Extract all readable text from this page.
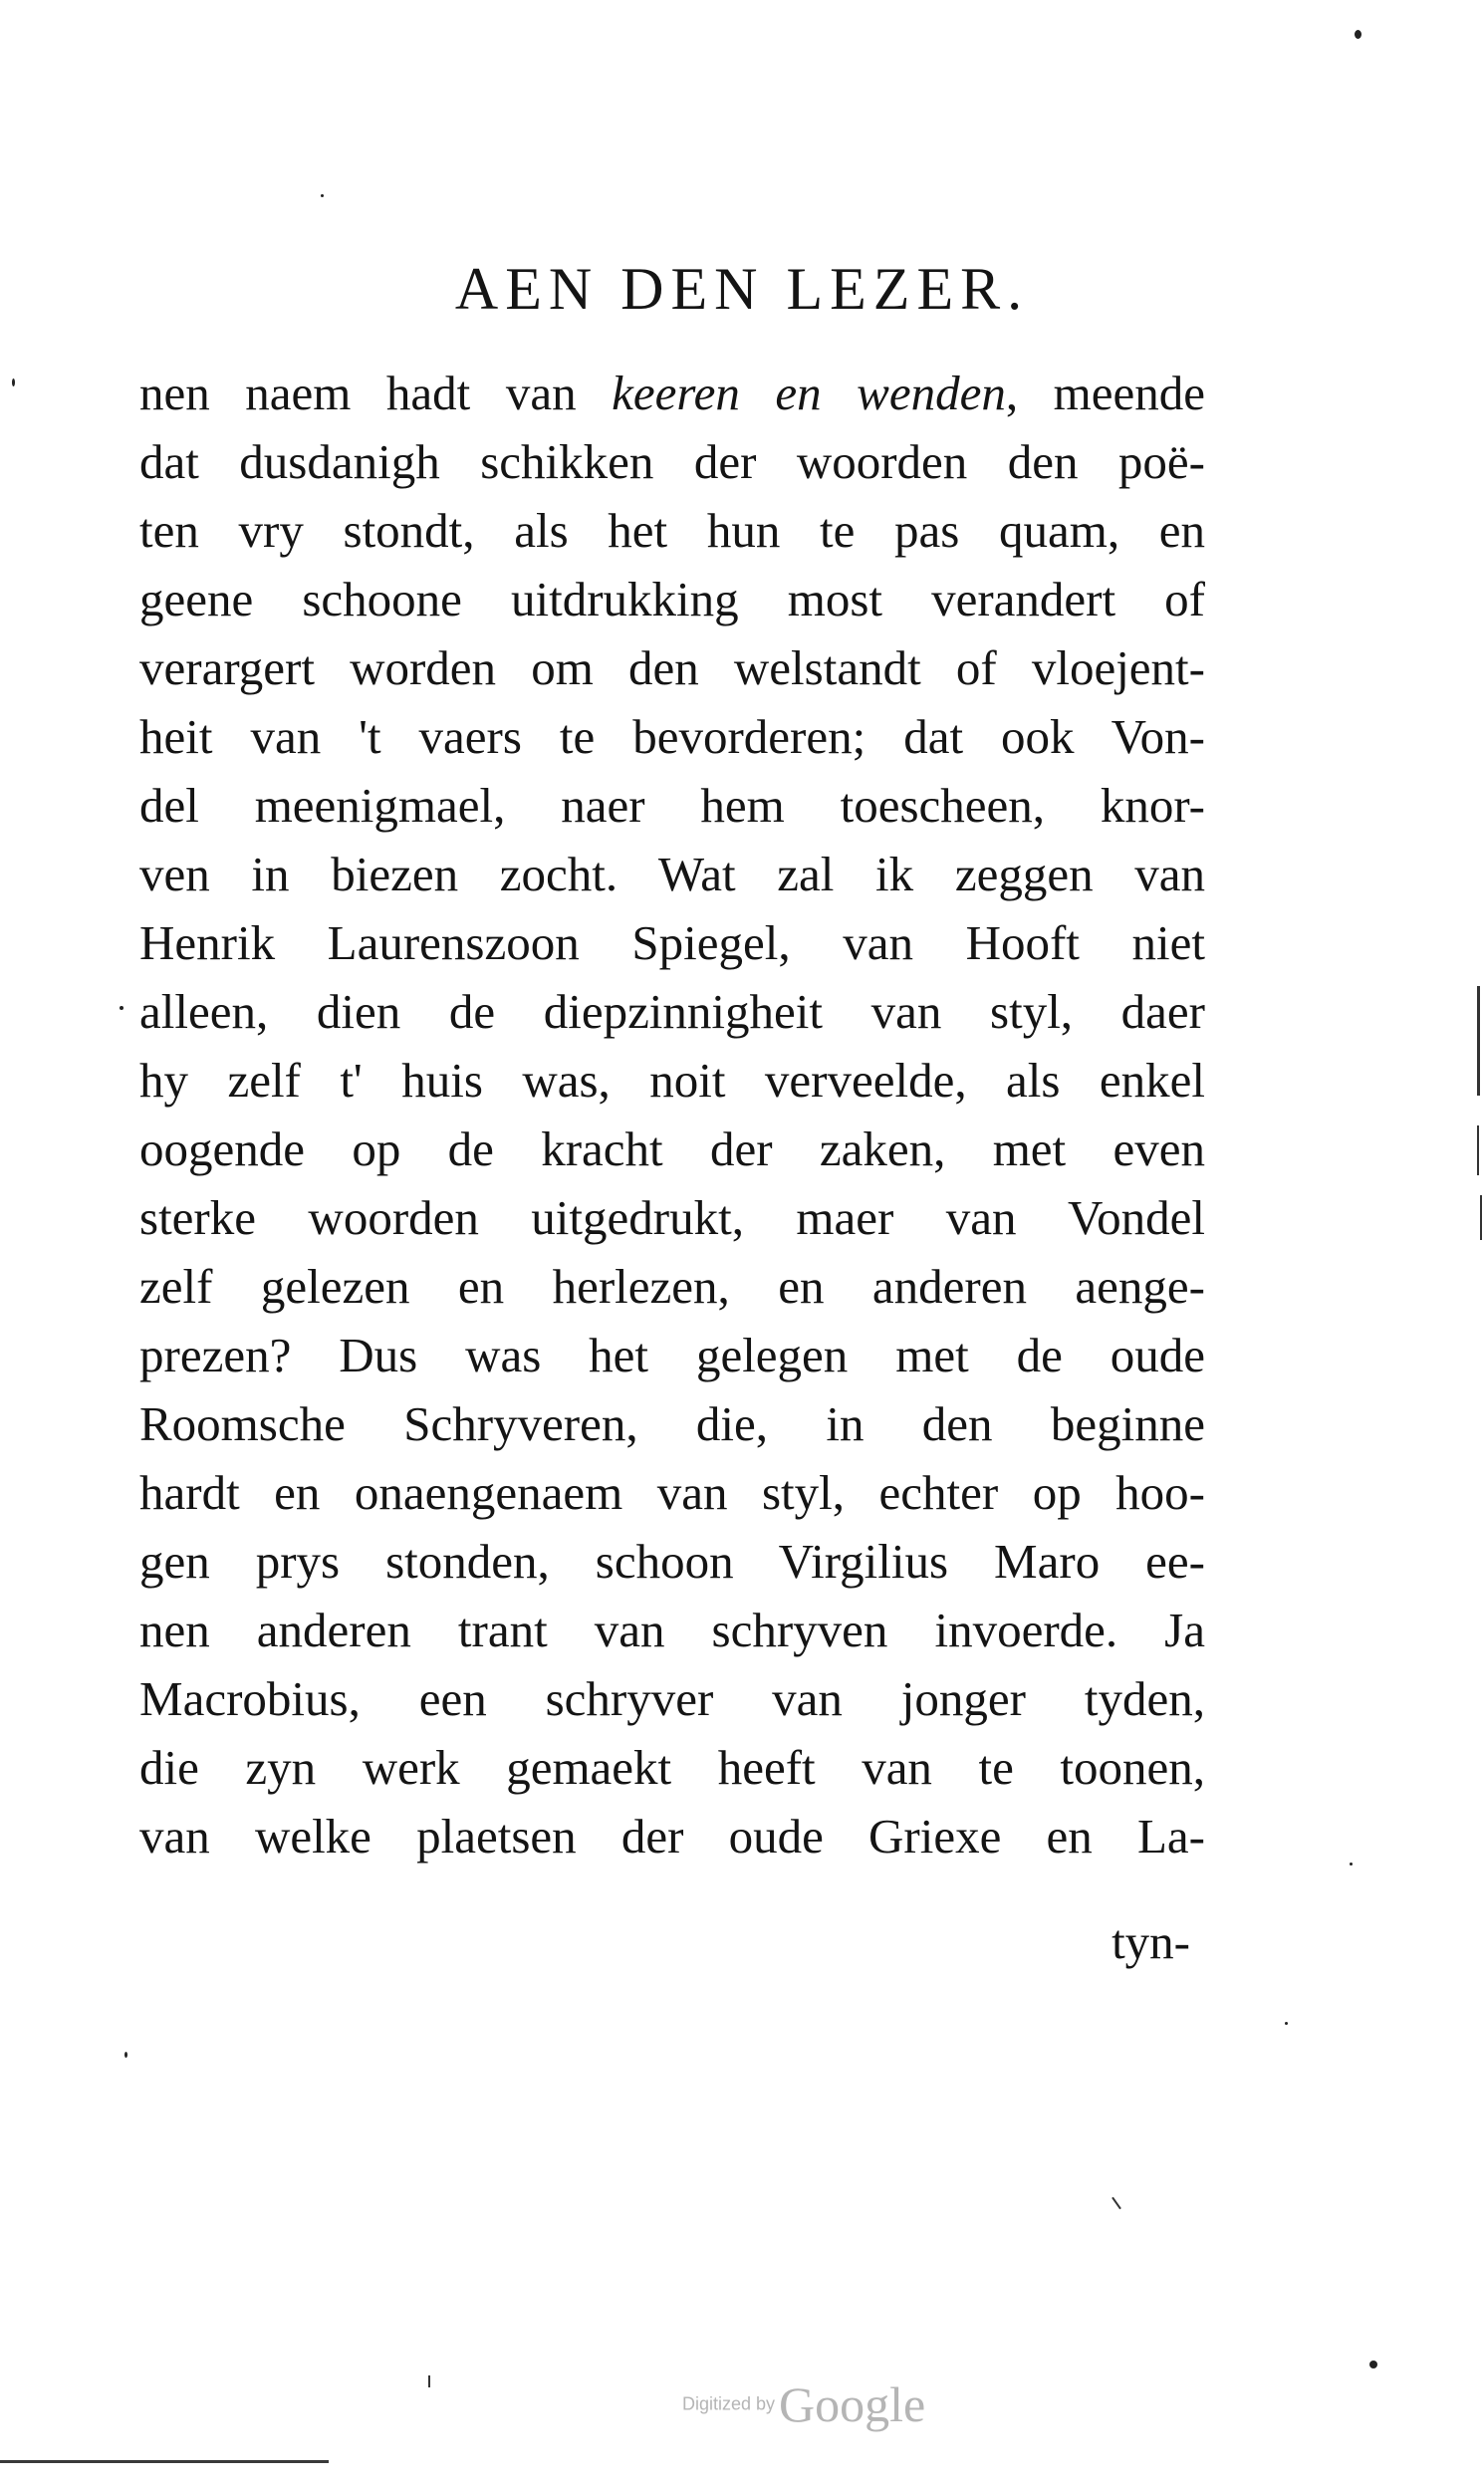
AEN DEN LEZER.
nen naem hadt van keeren en wenden, meende
dat dusdanigh schikken der woorden den poë-
ten vry stondt, als het hun te pas quam, en
geene schoone uitdrukking most verandert of
verargert worden om den welstandt of vloejent-
heit van 't vaers te bevorderen; dat ook Von-
del meenigmael, naer hem toescheen, knor-
ven in biezen zocht. Wat zal ik zeggen van
Henrik Laurenszoon Spiegel, van Hooft niet
alleen, dien de diepzinnigheit van styl, daer
hy zelf t' huis was, noit verveelde, als enkel
oogende op de kracht der zaken, met even
sterke woorden uitgedrukt, maer van Vondel
zelf gelezen en herlezen, en anderen aenge-
prezen? Dus was het gelegen met de oude
Roomsche Schryveren, die, in den beginne
hardt en onaengenaem van styl, echter op hoo-
gen prys stonden, schoon Virgilius Maro ee-
nen anderen trant van schryven invoerde. Ja
Macrobius, een schryver van jonger tyden,
die zyn werk gemaekt heeft van te toonen,
van welke plaetsen der oude Griexe en La-
tyn-
Digitized byGoogle
